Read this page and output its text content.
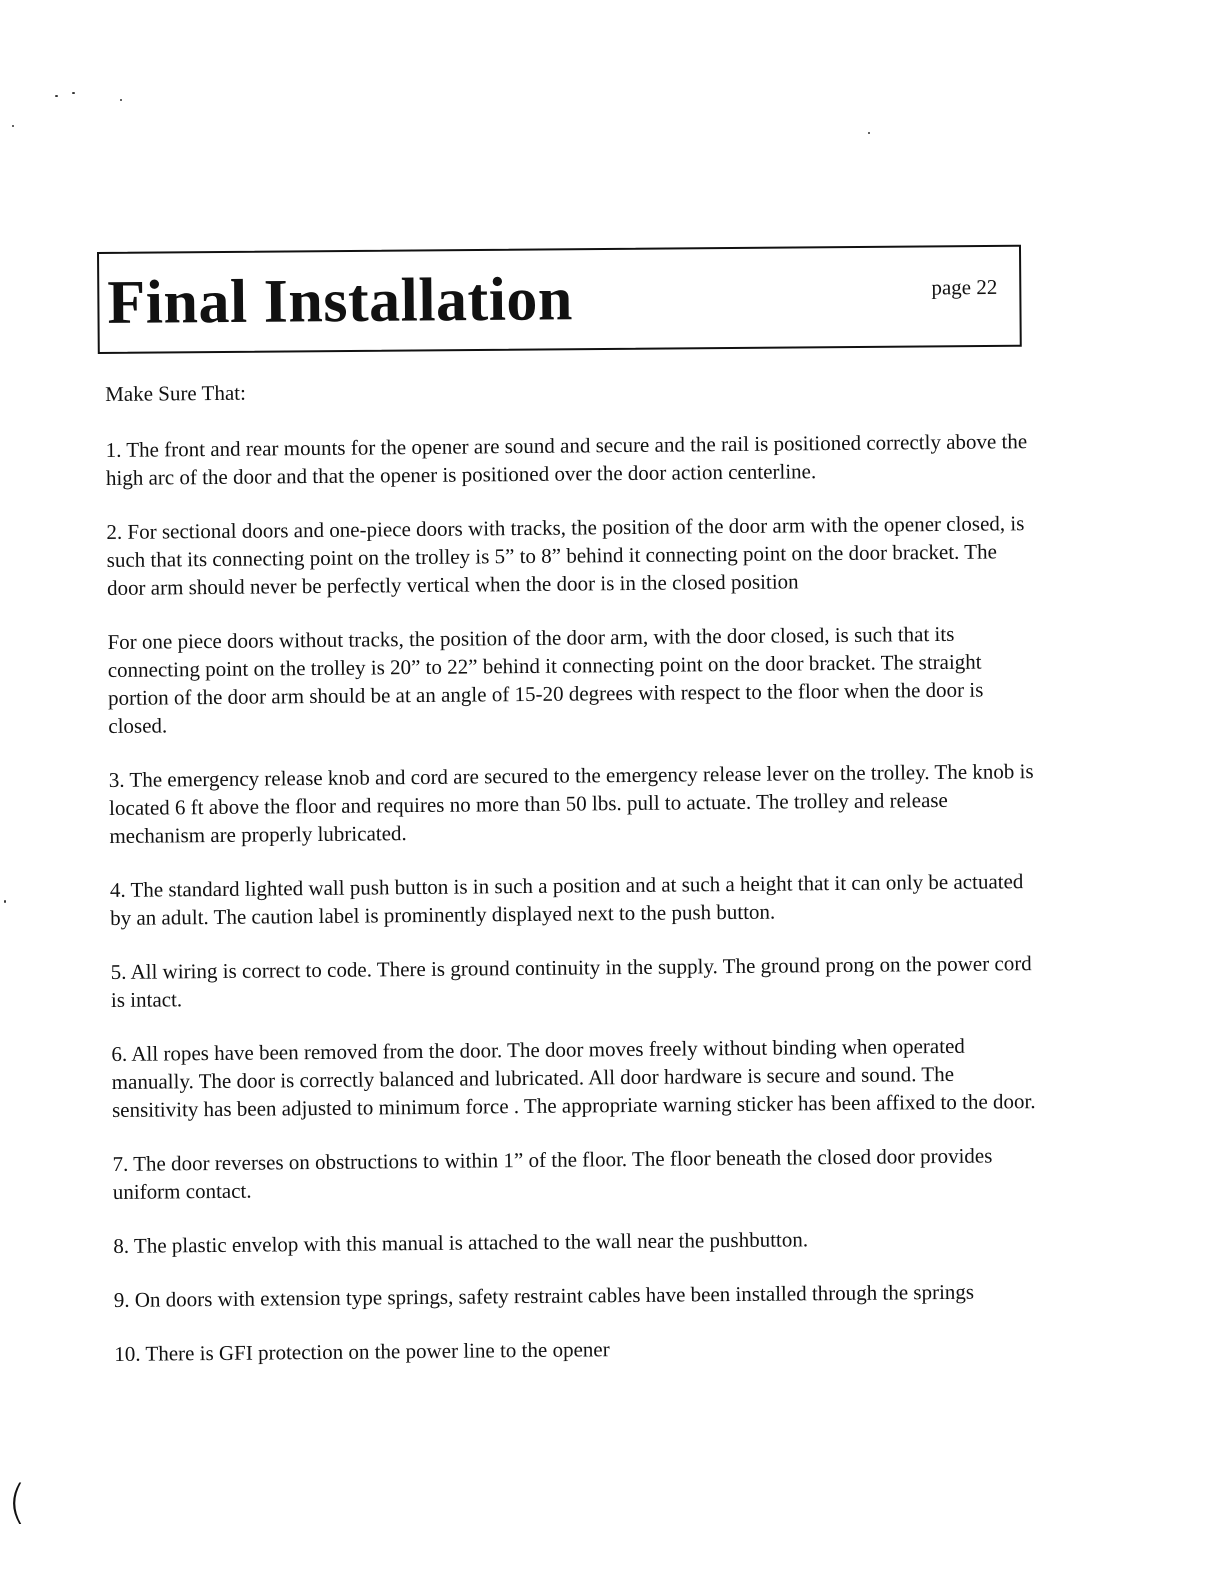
Final Installation	page 22

Make Sure That:

1. The front and rear mounts for the opener are sound and secure and the rail is positioned correctly above the high arc of the door and that the opener is positioned over the door action centerline.

2. For sectional doors and one-piece doors with tracks, the position of the door arm with the opener closed, is such that its connecting point on the trolley is 5” to 8” behind it connecting point on the door bracket. The door arm should never be perfectly vertical when the door is in the closed position

For one piece doors without tracks, the position of the door arm, with the door closed, is such that its connecting point on the trolley is 20” to 22” behind it connecting point on the door bracket. The straight portion of the door arm should be at an angle of 15-20 degrees with respect to the floor when the door is closed.

3. The emergency release knob and cord are secured to the emergency release lever on the trolley. The knob is located 6 ft above the floor and requires no more than 50 lbs. pull to actuate. The trolley and release mechanism are properly lubricated.

4. The standard lighted wall push button is in such a position and at such a height that it can only be actuated by an adult. The caution label is prominently displayed next to the push button.

5. All wiring is correct to code. There is ground continuity in the supply. The ground prong on the power cord is intact.

6. All ropes have been removed from the door. The door moves freely without binding when operated manually. The door is correctly balanced and lubricated. All door hardware is secure and sound. The sensitivity has been adjusted to minimum force . The appropriate warning sticker has been affixed to the door.

7. The door reverses on obstructions to within 1” of the floor. The floor beneath the closed door provides uniform contact.

8. The plastic envelop with this manual is attached to the wall near the pushbutton.

9. On doors with extension type springs, safety restraint cables have been installed through the springs

10. There is GFI protection on the power line to the opener

(
